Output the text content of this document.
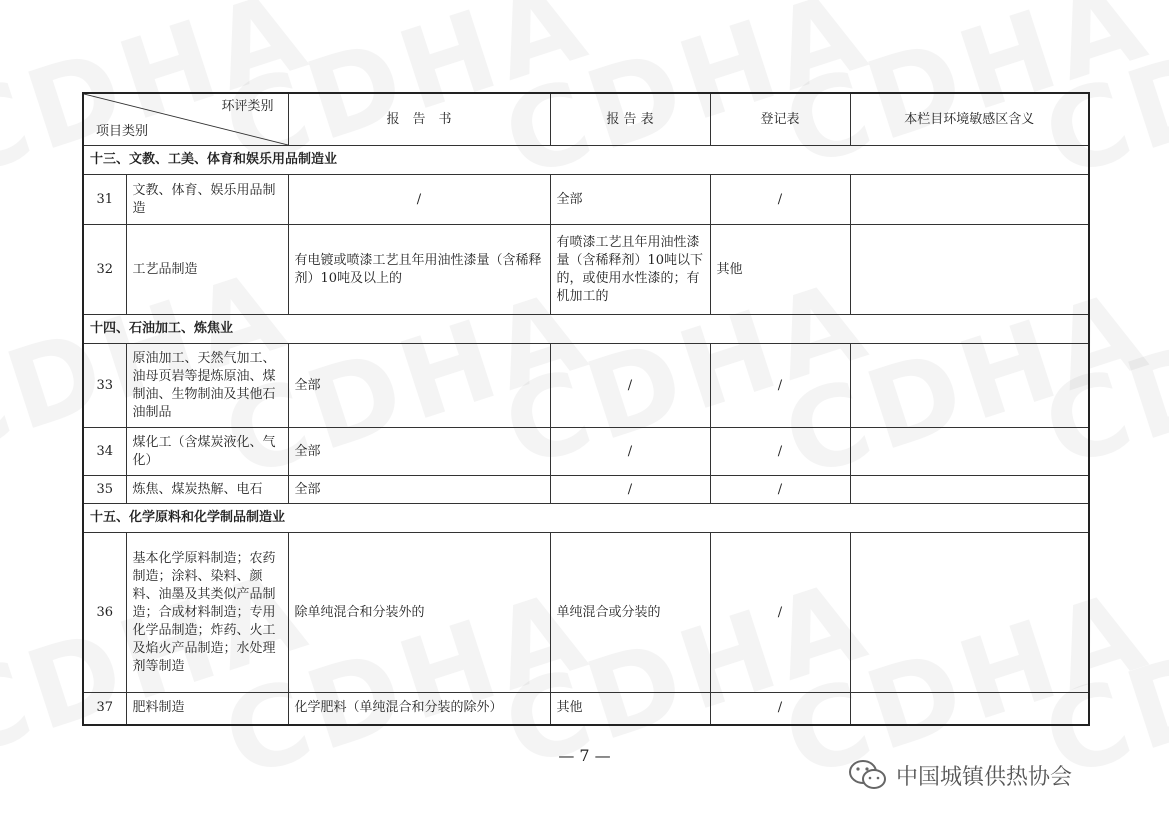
环评类别
项目类别		报　告　书	报 告 表	登记表	本栏目环境敏感区含义
十三、文教、工美、体育和娱乐用品制造业					
31	文教、体育、娱乐用品制造	/	全部	/	
32	工艺品制造	有电镀或喷漆工艺且年用油性漆量（含稀释剂）10吨及以上的	有喷漆工艺且年用油性漆量（含稀释剂）10吨以下的，或使用水性漆的；有机加工的	其他	
十四、石油加工、炼焦业					
33	原油加工、天然气加工、油母页岩等提炼原油、煤制油、生物制油及其他石油制品	全部	/	/	
34	煤化工（含煤炭液化、气化）	全部	/	/	
35	炼焦、煤炭热解、电石	全部	/	/	
十五、化学原料和化学制品制造业					
36	基本化学原料制造；农药制造；涂料、染料、颜料、油墨及其类似产品制造；合成材料制造；专用化学品制造；炸药、火工及焰火产品制造；水处理剂等制造	除单纯混合和分装外的	单纯混合或分装的	/	
37	肥料制造	化学肥料（单纯混合和分装的除外）	其他	/	
— 7 —
中国城镇供热协会
